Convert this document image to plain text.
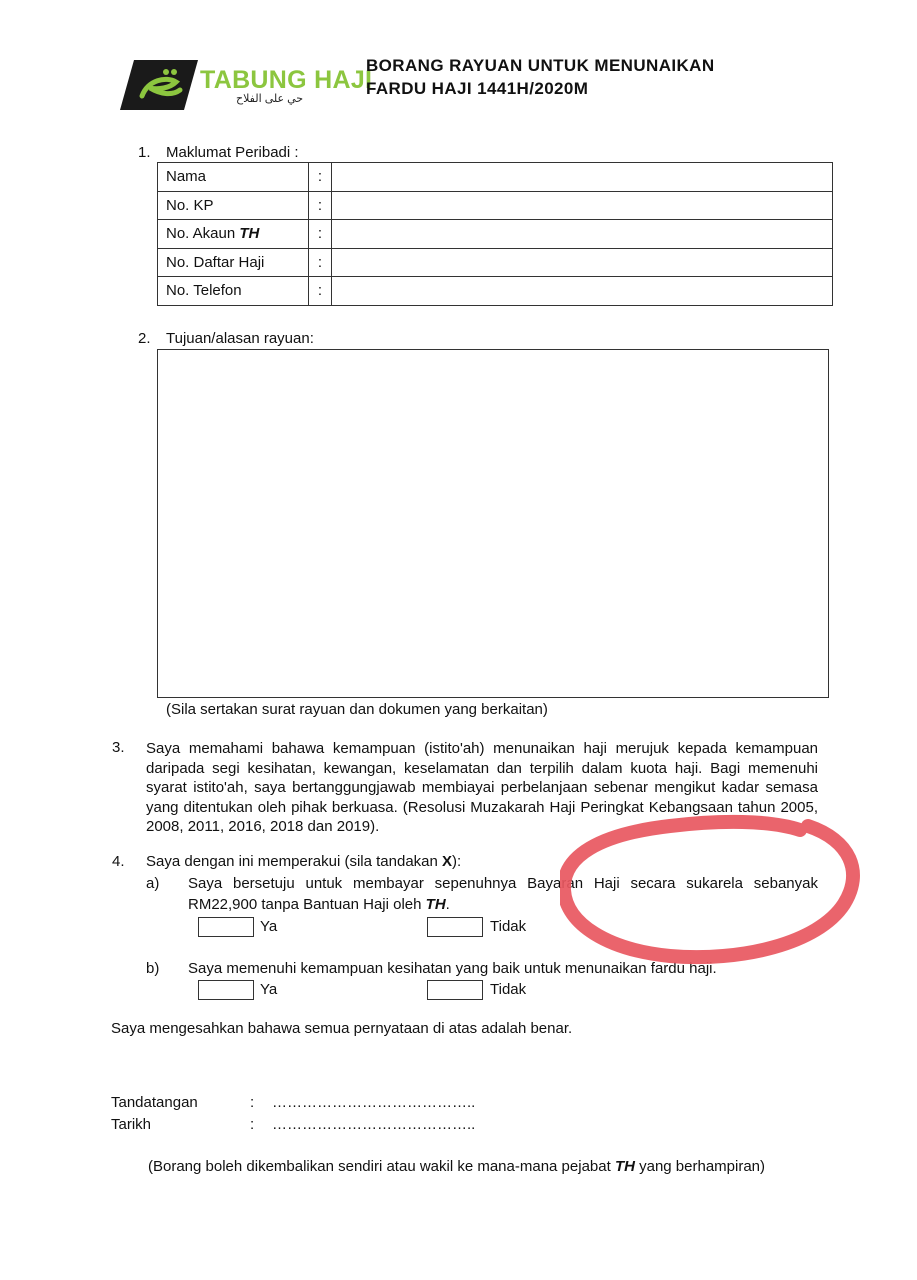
TABUNG HAJI
حي على الفلاح
BORANG RAYUAN UNTUK MENUNAIKAN
FARDU HAJI 1441H/2020M
1. Maklumat Peribadi :
Nama	:	
No. KP	:	
No. Akaun TH	:	
No. Daftar Haji	:	
No. Telefon	:	
2. Tujuan/alasan rayuan:
(Sila sertakan surat rayuan dan dokumen yang berkaitan)
3. Saya memahami bahawa kemampuan (istito'ah) menunaikan haji merujuk kepada kemampuan daripada segi kesihatan, kewangan, keselamatan dan terpilih dalam kuota haji. Bagi memenuhi syarat istito'ah, saya bertanggungjawab membiayai perbelanjaan sebenar mengikut kadar semasa yang ditentukan oleh pihak berkuasa. (Resolusi Muzakarah Haji Peringkat Kebangsaan tahun 2005, 2008, 2011, 2016, 2018 dan 2019).
4. Saya dengan ini memperakui (sila tandakan X):
a) Saya bersetuju untuk membayar sepenuhnya Bayaran Haji secara sukarela sebanyak
RM22,900 tanpa Bantuan Haji oleh TH.
Ya	Tidak
b) Saya memenuhi kemampuan kesihatan yang baik untuk menunaikan fardu haji.
Ya	Tidak
Saya mengesahkan bahawa semua pernyataan di atas adalah benar.
Tandatangan	: …………………………………..
Tarikh	: …………………………………..
(Borang boleh dikembalikan sendiri atau wakil ke mana-mana pejabat TH yang berhampiran)
